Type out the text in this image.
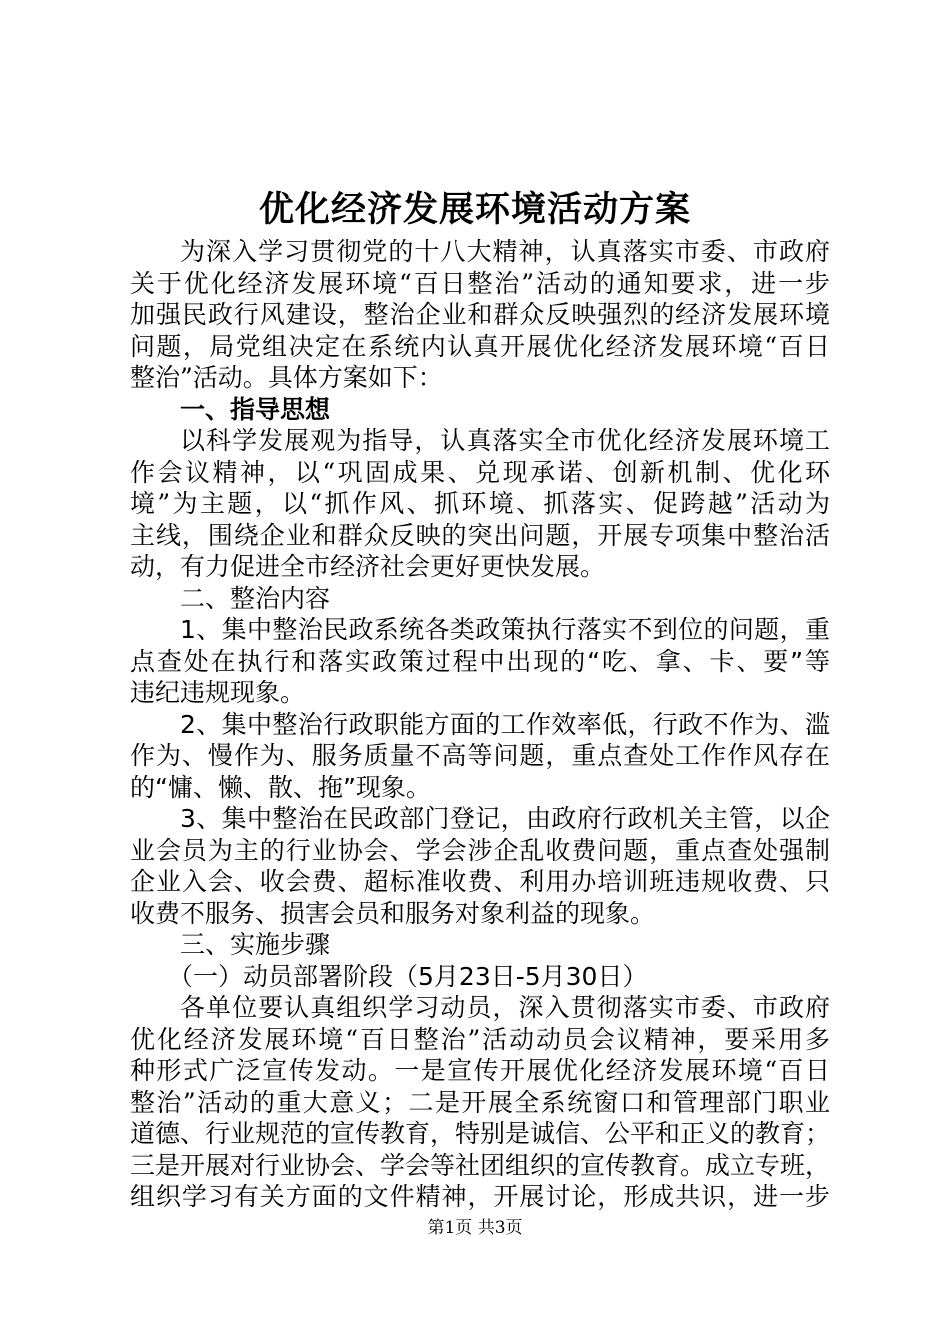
优化经济发展环境活动方案
为深入学习贯彻党的十八大精神，认真落实市委、市政府
关于优化经济发展环境“百日整治”活动的通知要求，进一步
加强民政行风建设，整治企业和群众反映强烈的经济发展环境
问题，局党组决定在系统内认真开展优化经济发展环境“百日
整治”活动。具体方案如下：
一、指导思想
以科学发展观为指导，认真落实全市优化经济发展环境工
作会议精神，以“巩固成果、兑现承诺、创新机制、优化环
境”为主题，以“抓作风、抓环境、抓落实、促跨越”活动为
主线，围绕企业和群众反映的突出问题，开展专项集中整治活
动，有力促进全市经济社会更好更快发展。
二、整治内容
1、集中整治民政系统各类政策执行落实不到位的问题，重
点查处在执行和落实政策过程中出现的“吃、拿、卡、要”等
违纪违规现象。
2、集中整治行政职能方面的工作效率低，行政不作为、滥
作为、慢作为、服务质量不高等问题，重点查处工作作风存在
的“慵、懒、散、拖”现象。
3、集中整治在民政部门登记，由政府行政机关主管，以企
业会员为主的行业协会、学会涉企乱收费问题，重点查处强制
企业入会、收会费、超标准收费、利用办培训班违规收费、只
收费不服务、损害会员和服务对象利益的现象。
三、实施步骤
（一）动员部署阶段（5月23日-5月30日）
各单位要认真组织学习动员，深入贯彻落实市委、市政府
优化经济发展环境“百日整治”活动动员会议精神，要采用多
种形式广泛宣传发动。一是宣传开展优化经济发展环境“百日
整治”活动的重大意义；二是开展全系统窗口和管理部门职业
道德、行业规范的宣传教育，特别是诚信、公平和正义的教育；
三是开展对行业协会、学会等社团组织的宣传教育。成立专班，
组织学习有关方面的文件精神，开展讨论，形成共识，进一步
第1页 共3页
